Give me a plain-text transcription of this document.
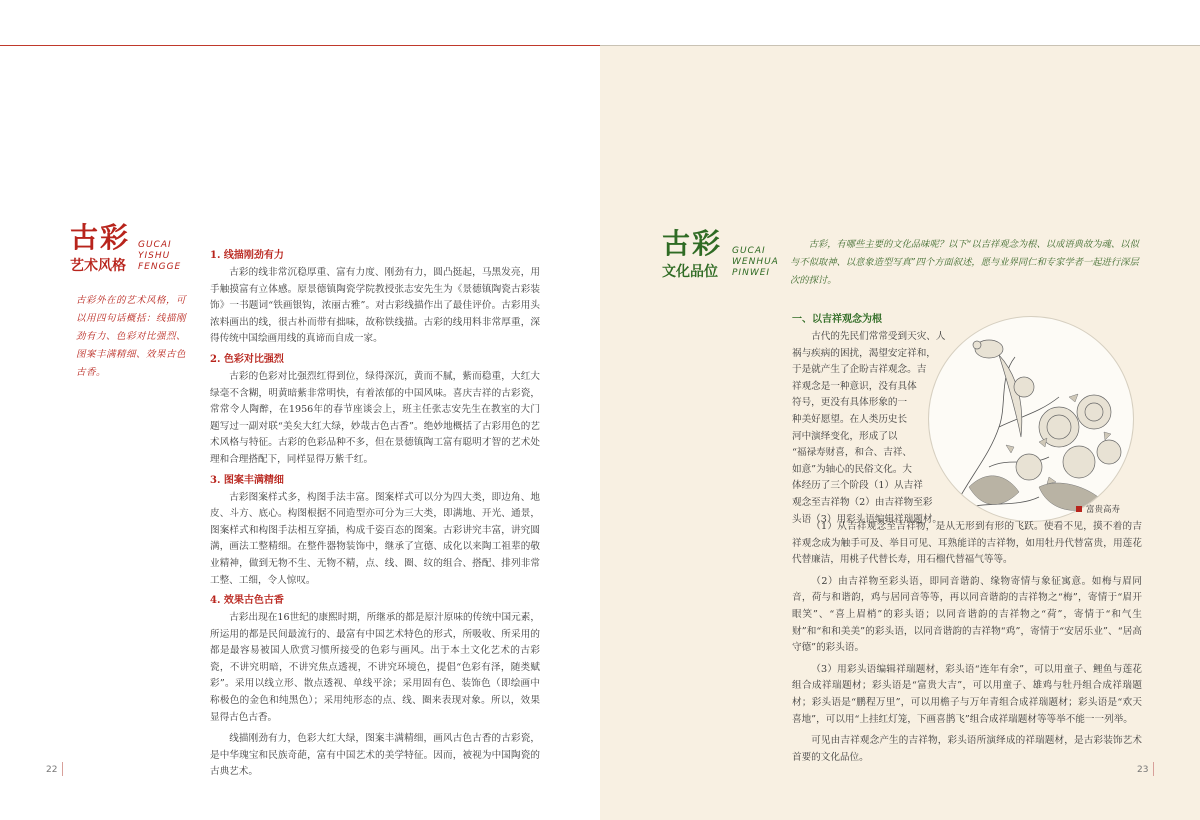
古彩
艺术风格
GUCAI
YISHU
FENGGE
古彩外在的艺术风格，可以用四句话概括：线描刚劲有力、色彩对比强烈、图案丰满精细、效果古色古香。
1. 线描刚劲有力

古彩的线非常沉稳厚重、富有力度、刚劲有力，圆凸挺起，马黑发亮，用手触摸富有立体感。原景德镇陶瓷学院教授张志安先生为《景德镇陶瓷古彩装饰》一书题词“铁画银钩，浓丽古雅”。对古彩线描作出了最佳评价。古彩用头浓料画出的线，很古朴而带有拙味，故称铁线描。古彩的线用料非常厚重，深得传统中国绘画用线的真谛而自成一家。

2. 色彩对比强烈

古彩的色彩对比强烈红得到位，绿得深沉，黄而不腻，紫而稳重，大红大绿毫不含糊，明黄暗紫非常明快，有着浓郁的中国风味。喜庆吉祥的古彩瓷，常常令人陶醉，在1956年的春节座谈会上，班主任张志安先生在教室的大门题写过一副对联“美矣大红大绿，妙哉古色古香”。绝妙地概括了古彩用色的艺术风格与特征。古彩的色彩品种不多，但在景德镇陶工富有聪明才智的艺术处理和合理搭配下，同样显得万紫千红。

3. 图案丰满精细

古彩图案样式多，构图手法丰富。图案样式可以分为四大类，即边角、地皮、斗方、底心。构图根据不同造型亦可分为三大类，即满地、开光、通景，图案样式和构图手法相互穿插，构成千姿百态的图案。古彩讲究丰富，讲究圆满，画法工整精细。在整件器物装饰中，继承了宣德、成化以来陶工祖辈的敬业精神，做到无物不生、无物不精，点、线、圈、纹的组合、搭配、排列非常工整、工细，令人惊叹。

4. 效果古色古香

古彩出现在16世纪的康熙时期，所继承的都是原汁原味的传统中国元素，所运用的都是民间最流行的、最富有中国艺术特色的形式，所吸收、所采用的都是最容易被国人欣赏习惯所接受的色彩与画风。出于本土文化艺术的古彩瓷，不讲究明暗，不讲究焦点透视，不讲究环境色，提倡“色彩有泽，随类赋彩”。采用以线立形、散点透视、单线平涂；采用固有色、装饰色（即绘画中称极色的金色和纯黑色）；采用纯形态的点、线、圈来表现对象。所以，效果显得古色古香。

线描刚劲有力，色彩大红大绿，图案丰满精细，画风古色古香的古彩瓷，是中华瑰宝和民族奇葩，富有中国艺术的美学特征。因而，被视为中国陶瓷的古典艺术。

古彩
文化品位
GUCAI
WENHUA
PINWEI
古彩，有哪些主要的文化品味呢？以下“以吉祥观念为根、以成语典故为魂、以似与不似取神、以意象造型写真”四个方面叙述，愿与业界同仁和专家学者一起进行深层次的探讨。
一、以吉祥观念为根
古代的先民们常常受到天灾、人
祸与疾病的困扰，渴望安定祥和，
于是就产生了企盼吉祥观念。吉
祥观念是一种意识，没有具体
符号，更没有具体形象的一
种美好愿望。在人类历史长
河中演绎变化，形成了以
“福禄寿财喜，和合、吉祥、
如意”为轴心的民俗文化。大
体经历了三个阶段（1）从吉祥
观念至吉祥物（2）由吉祥物至彩
头语（3）用彩头语编辑祥瑞题材。
富贵高寿

（1）从吉祥观念至吉祥物，是从无形到有形的飞跃。使看不见，摸不着的吉祥观念成为触手可及、举目可见、耳熟能详的吉祥物，如用牡丹代替富贵，用莲花代替廉洁，用桃子代替长寿，用石榴代替福气等等。

（2）由吉祥物至彩头语，即同音谐韵、缘物寄情与象征寓意。如梅与眉同音，荷与和谐韵，鸡与居同音等等，再以同音谐韵的吉祥物之“梅”，寄情于“眉开眼笑”、“喜上眉梢”的彩头语；以同音谐韵的吉祥物之“荷”，寄情于“和气生财”和“和和美美”的彩头语，以同音谐韵的吉祥物“鸡”，寄情于“安居乐业”、“居高守德”的彩头语。

（3）用彩头语编辑祥瑞题材，彩头语“连年有余”，可以用童子、鲤鱼与莲花组合成祥瑞题材；彩头语是“富贵大吉”，可以用童子、雄鸡与牡丹组合成祥瑞题材；彩头语是“鹏程万里”，可以用檐子与万年青组合成祥瑞题材；彩头语是“欢天喜地”，可以用“上挂红灯笼，下画喜鹊飞”组合成祥瑞题材等等举不能一一列举。

可见由吉祥观念产生的吉祥物，彩头语所演绎成的祥瑞题材，是古彩装饰艺术首要的文化品位。

22	23
